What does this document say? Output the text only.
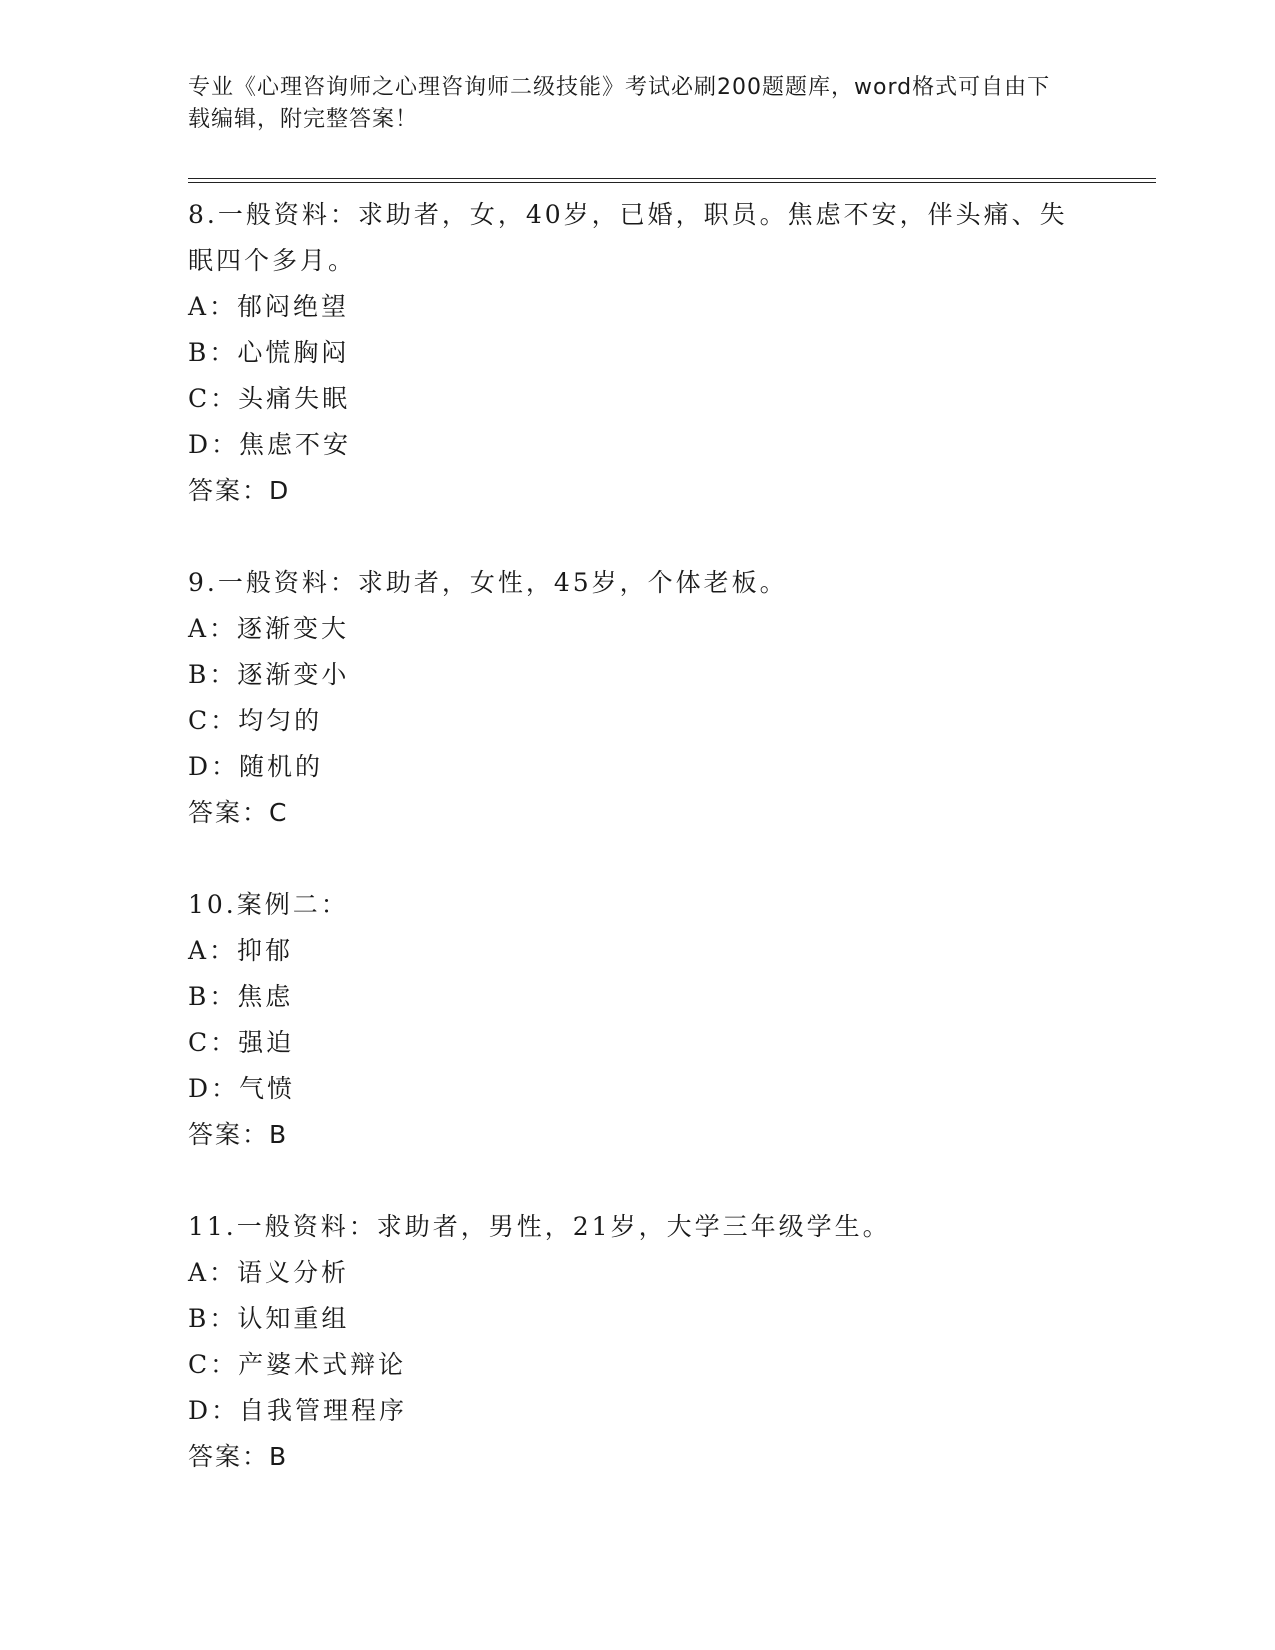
专业《心理咨询师之心理咨询师二级技能》考试必刷200题题库，word格式可自由下载编辑，附完整答案！
8.一般资料：求助者，女，40岁，已婚，职员。焦虑不安，伴头痛、失眠四个多月。
A：郁闷绝望
B：心慌胸闷
C：头痛失眠
D：焦虑不安
答案：D
9.一般资料：求助者，女性，45岁，个体老板。
A：逐渐变大
B：逐渐变小
C：均匀的
D：随机的
答案：C
10.案例二：
A：抑郁
B：焦虑
C：强迫
D：气愤
答案：B
11.一般资料：求助者，男性，21岁，大学三年级学生。
A：语义分析
B：认知重组
C：产婆术式辩论
D：自我管理程序
答案：B
